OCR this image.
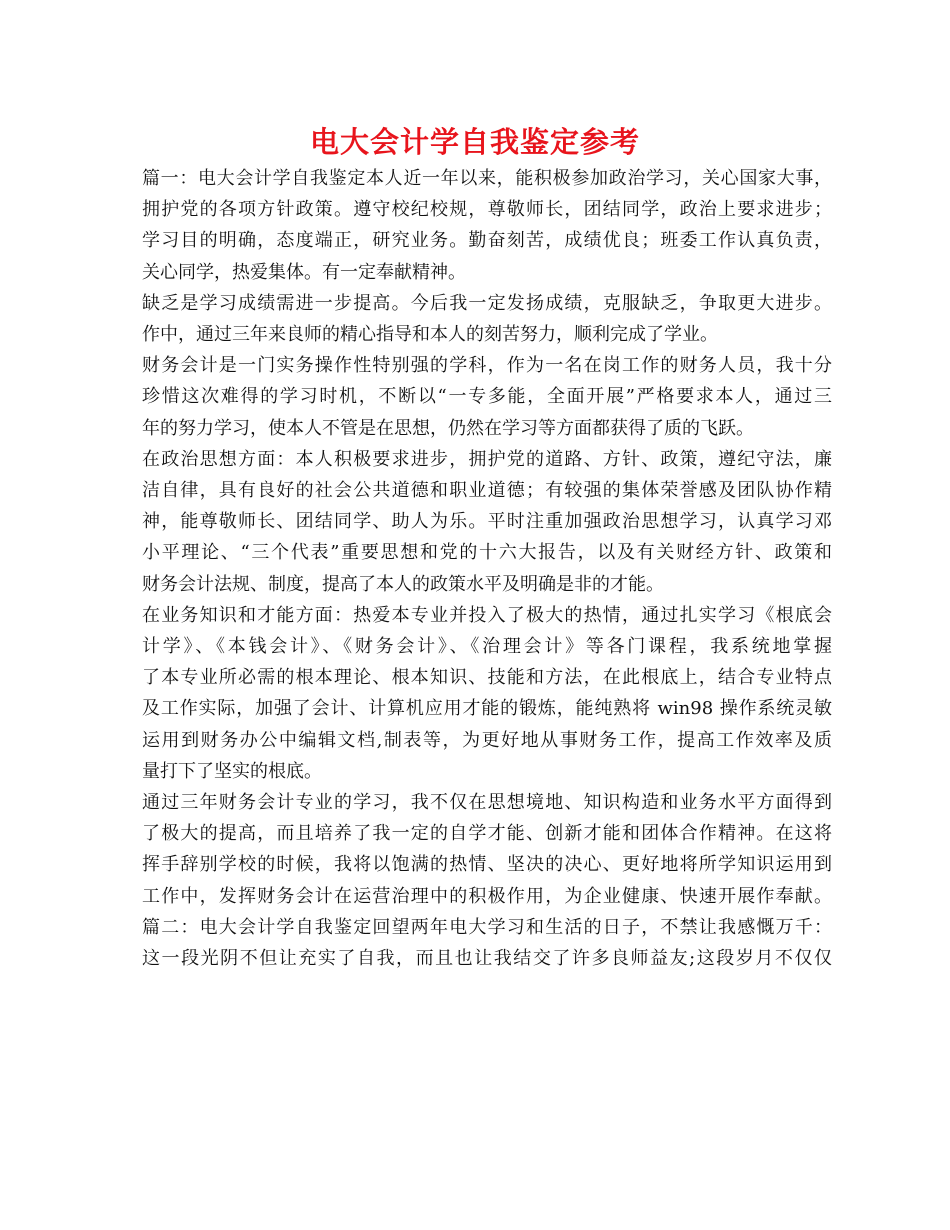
电大会计学自我鉴定参考
篇一：电大会计学自我鉴定本人近一年以来，能积极参加政治学习，关心国家大事，
拥护党的各项方针政策。遵守校纪校规，尊敬师长，团结同学，政治上要求进步；
学习目的明确，态度端正，研究业务。勤奋刻苦，成绩优良；班委工作认真负责，
关心同学，热爱集体。有一定奉献精神。
缺乏是学习成绩需进一步提高。今后我一定发扬成绩，克服缺乏，争取更大进步。
作中，通过三年来良师的精心指导和本人的刻苦努力，顺利完成了学业。
财务会计是一门实务操作性特别强的学科，作为一名在岗工作的财务人员，我十分
珍惜这次难得的学习时机，不断以“一专多能，全面开展”严格要求本人，通过三
年的努力学习，使本人不管是在思想，仍然在学习等方面都获得了质的飞跃。
在政治思想方面：本人积极要求进步，拥护党的道路、方针、政策，遵纪守法，廉
洁自律，具有良好的社会公共道德和职业道德；有较强的集体荣誉感及团队协作精
神，能尊敬师长、团结同学、助人为乐。平时注重加强政治思想学习，认真学习邓
小平理论、“三个代表”重要思想和党的十六大报告，以及有关财经方针、政策和
财务会计法规、制度，提高了本人的政策水平及明确是非的才能。
在业务知识和才能方面：热爱本专业并投入了极大的热情，通过扎实学习《根底会
计学》、《本钱会计》、《财务会计》、《治理会计》等各门课程，我系统地掌握
了本专业所必需的根本理论、根本知识、技能和方法，在此根底上，结合专业特点
及工作实际，加强了会计、计算机应用才能的锻炼，能纯熟将 win98 操作系统灵敏
运用到财务办公中编辑文档,制表等，为更好地从事财务工作，提高工作效率及质
量打下了坚实的根底。
通过三年财务会计专业的学习，我不仅在思想境地、知识构造和业务水平方面得到
了极大的提高，而且培养了我一定的自学才能、创新才能和团体合作精神。在这将
挥手辞别学校的时候，我将以饱满的热情、坚决的决心、更好地将所学知识运用到
工作中，发挥财务会计在运营治理中的积极作用，为企业健康、快速开展作奉献。
篇二：电大会计学自我鉴定回望两年电大学习和生活的日子，不禁让我感慨万千：
这一段光阴不但让充实了自我，而且也让我结交了许多良师益友;这段岁月不仅仅
